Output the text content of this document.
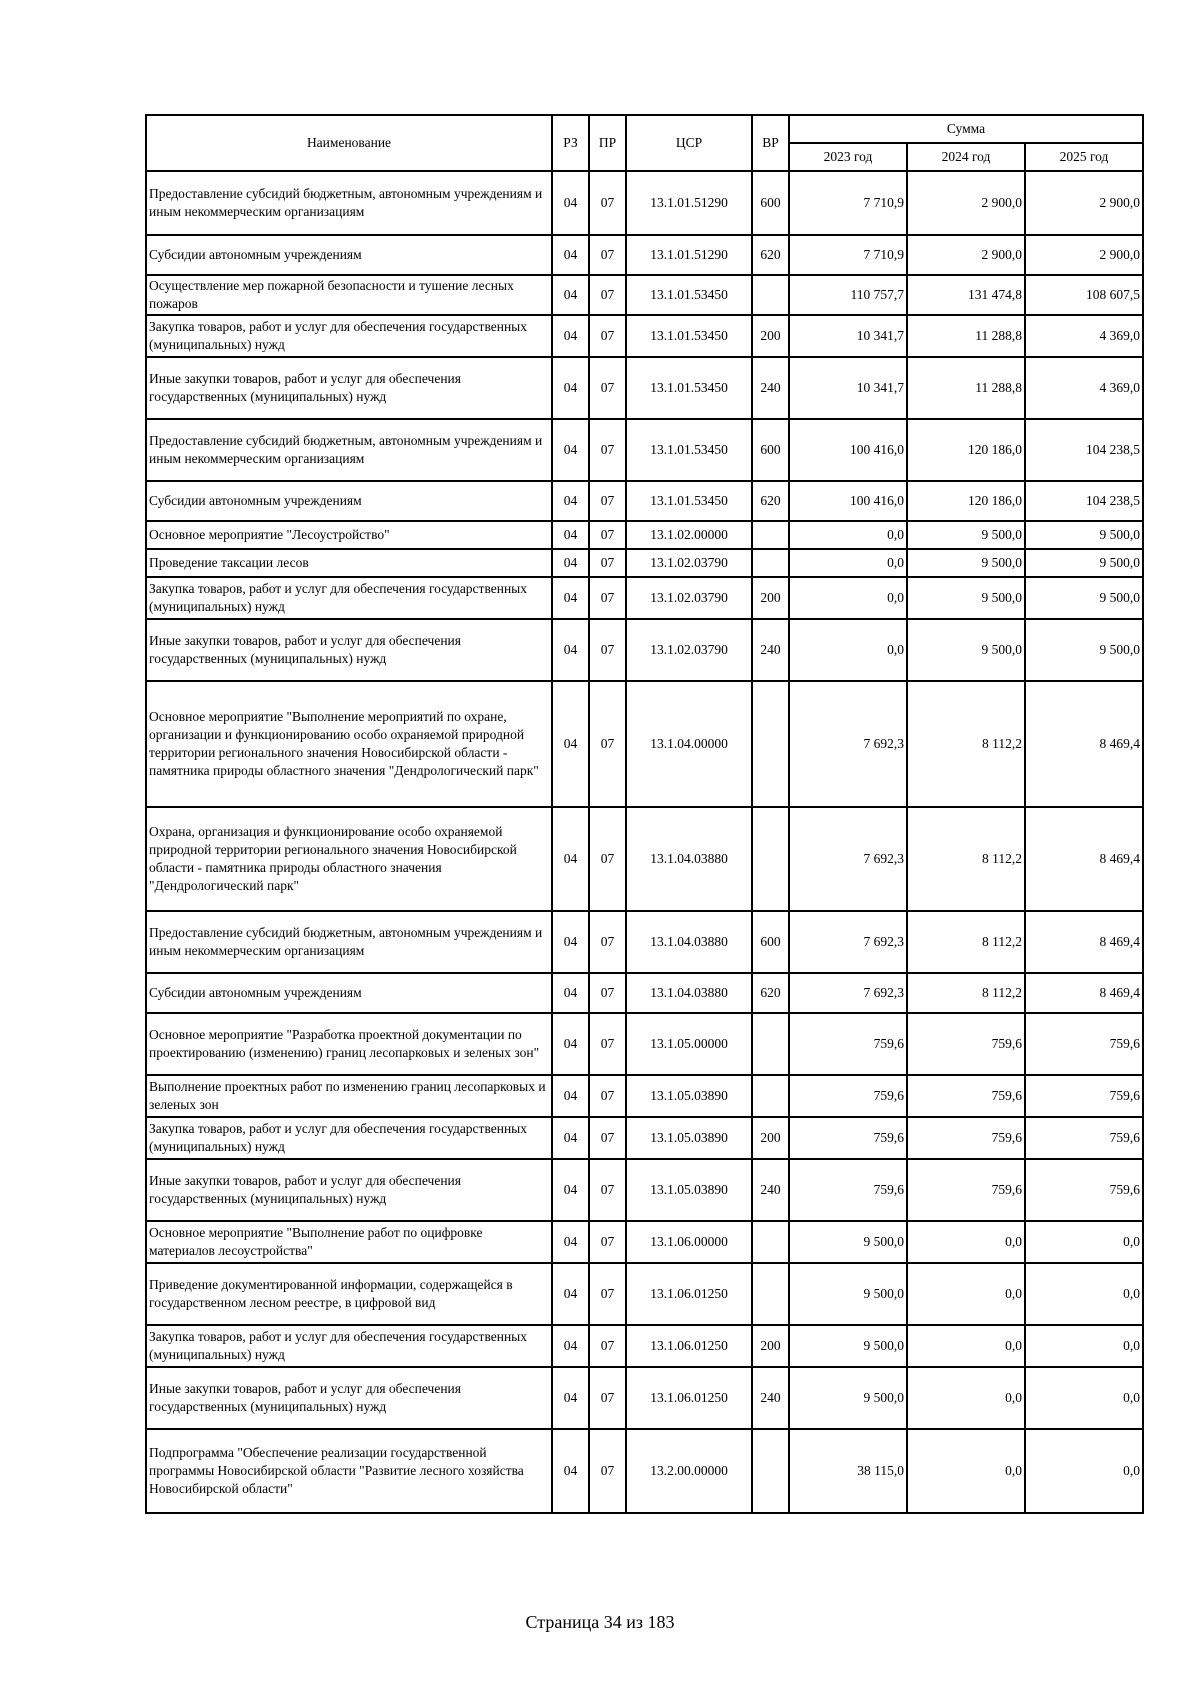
Наименование	РЗ	ПР	ЦСР	ВР	Сумма		
					2023 год	2024 год	2025 год
Предоставление субсидий бюджетным, автономным учреждениям и иным некоммерческим организациям	04	07	13.1.01.51290	600	7 710,9	2 900,0	2 900,0
Субсидии автономным учреждениям	04	07	13.1.01.51290	620	7 710,9	2 900,0	2 900,0
Осуществление мер пожарной безопасности и тушение лесных пожаров	04	07	13.1.01.53450		110 757,7	131 474,8	108 607,5
Закупка товаров, работ и услуг для обеспечения государственных (муниципальных) нужд	04	07	13.1.01.53450	200	10 341,7	11 288,8	4 369,0
Иные закупки товаров, работ и услуг для обеспечения государственных (муниципальных) нужд	04	07	13.1.01.53450	240	10 341,7	11 288,8	4 369,0
Предоставление субсидий бюджетным, автономным учреждениям и иным некоммерческим организациям	04	07	13.1.01.53450	600	100 416,0	120 186,0	104 238,5
Субсидии автономным учреждениям	04	07	13.1.01.53450	620	100 416,0	120 186,0	104 238,5
Основное мероприятие "Лесоустройство"	04	07	13.1.02.00000		0,0	9 500,0	9 500,0
Проведение таксации лесов	04	07	13.1.02.03790		0,0	9 500,0	9 500,0
Закупка товаров, работ и услуг для обеспечения государственных (муниципальных) нужд	04	07	13.1.02.03790	200	0,0	9 500,0	9 500,0
Иные закупки товаров, работ и услуг для обеспечения государственных (муниципальных) нужд	04	07	13.1.02.03790	240	0,0	9 500,0	9 500,0
Основное мероприятие "Выполнение мероприятий по охране, организации и функционированию особо охраняемой природной территории регионального значения Новосибирской области - памятника природы областного значения "Дендрологический парк"	04	07	13.1.04.00000		7 692,3	8 112,2	8 469,4
Охрана, организация и функционирование особо охраняемой природной территории регионального значения Новосибирской области - памятника природы областного значения "Дендрологический парк"	04	07	13.1.04.03880		7 692,3	8 112,2	8 469,4
Предоставление субсидий бюджетным, автономным учреждениям и иным некоммерческим организациям	04	07	13.1.04.03880	600	7 692,3	8 112,2	8 469,4
Субсидии автономным учреждениям	04	07	13.1.04.03880	620	7 692,3	8 112,2	8 469,4
Основное мероприятие "Разработка проектной документации по проектированию (изменению) границ лесопарковых и зеленых зон"	04	07	13.1.05.00000		759,6	759,6	759,6
Выполнение проектных работ по изменению границ лесопарковых и зеленых зон	04	07	13.1.05.03890		759,6	759,6	759,6
Закупка товаров, работ и услуг для обеспечения государственных (муниципальных) нужд	04	07	13.1.05.03890	200	759,6	759,6	759,6
Иные закупки товаров, работ и услуг для обеспечения государственных (муниципальных) нужд	04	07	13.1.05.03890	240	759,6	759,6	759,6
Основное мероприятие "Выполнение работ по оцифровке материалов лесоустройства"	04	07	13.1.06.00000		9 500,0	0,0	0,0
Приведение документированной информации, содержащейся в государственном лесном реестре, в цифровой вид	04	07	13.1.06.01250		9 500,0	0,0	0,0
Закупка товаров, работ и услуг для обеспечения государственных (муниципальных) нужд	04	07	13.1.06.01250	200	9 500,0	0,0	0,0
Иные закупки товаров, работ и услуг для обеспечения государственных (муниципальных) нужд	04	07	13.1.06.01250	240	9 500,0	0,0	0,0
Подпрограмма "Обеспечение реализации государственной программы Новосибирской области "Развитие лесного хозяйства Новосибирской области"	04	07	13.2.00.00000		38 115,0	0,0	0,0
Страница 34 из 183
